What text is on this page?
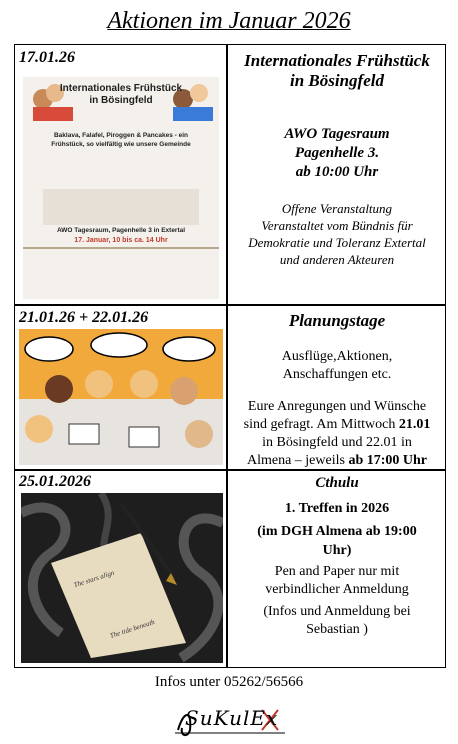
Aktionen im Januar 2026
17.01.26
Internationales Frühstück
in Bösingfeld
Baklava, Falafel, Piroggen & Pancakes - ein
Frühstück, so vielfältig wie unsere Gemeinde
AWO Tagesraum, Pagenhelle 3 in Extertal
17. Januar, 10 bis ca. 14 Uhr
Internationales Frühstück
in Bösingfeld
AWO Tagesraum
Pagenhelle 3.
ab 10:00 Uhr
Offene Veranstaltung
Veranstaltet vom Bündnis für
Demokratie und Toleranz Extertal
und anderen Akteuren
21.01.26 + 22.01.26	Planungstage
Ausflüge,Aktionen,
Anschaffungen etc.
Eure Anregungen und Wünsche
sind gefragt. Am Mittwoch 21.01
in Bösingfeld und 22.01 in
Almena – jeweils ab 17:00 Uhr
25.01.2026
The stars align
The tide beneath
Cthulu
1. Treffen in 2026
(im DGH Almena ab 19:00
Uhr)
Pen and Paper nur mit
verbindlicher Anmeldung
(Infos und Anmeldung bei
Sebastian )
Infos unter 05262/56566
SuKulEx
